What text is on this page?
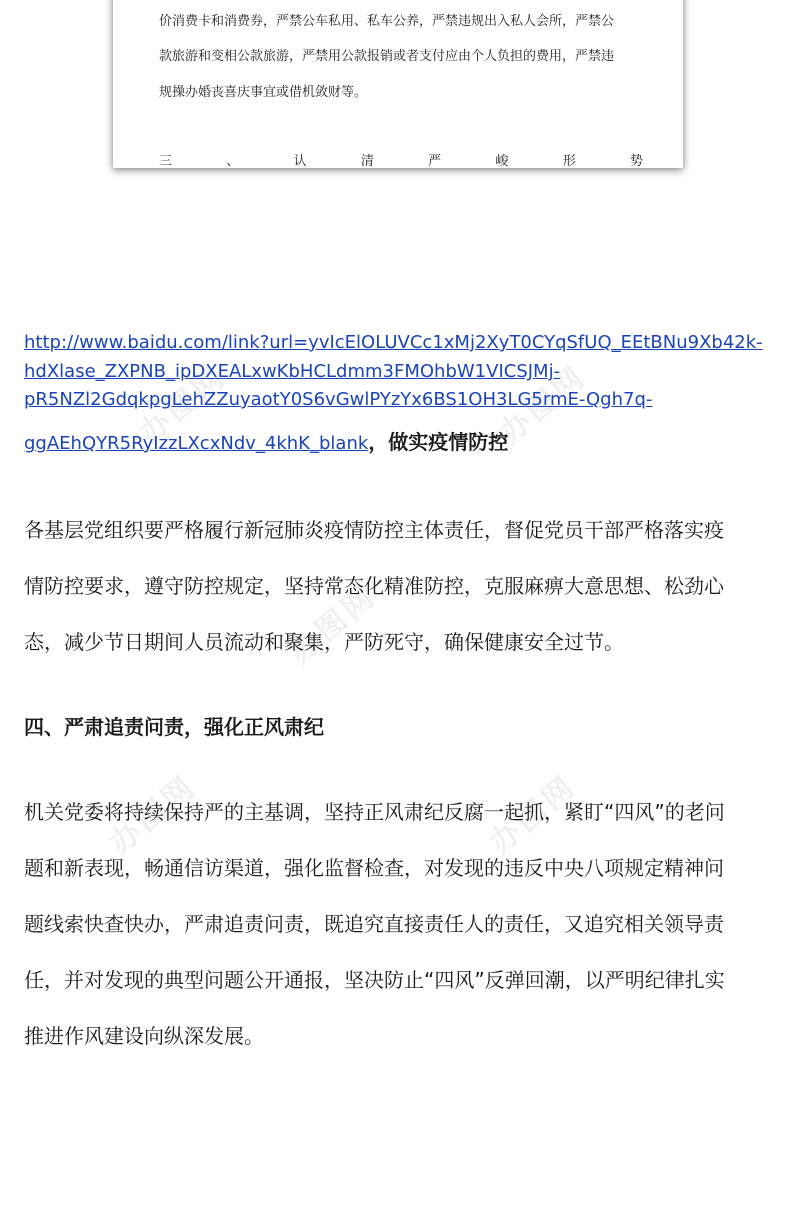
办图网	办图网
办图网
办图网
办图网
价消费卡和消费券，严禁公车私用、私车公养，严禁违规出入私人会所，严禁公
款旅游和变相公款旅游，严禁用公款报销或者支付应由个人负担的费用，严禁违
规操办婚丧喜庆事宜或借机敛财等。
三	、	认	清	严	峻	形	势
http://www.baidu.com/link?url=yvIcElOLUVCc1xMj2XyT0CYqSfUQ_EEtBNu9Xb42k-
hdXlase_ZXPNB_ipDXEALxwKbHCLdmm3FMOhbW1VICSJMj-
pR5NZl2GdqkpgLehZZuyaotY0S6vGwlPYzYx6BS1OH3LG5rmE-Qgh7q-
ggAEhQYR5RyIzzLXcxNdv_4khK_blank，做实疫情防控
各基层党组织要严格履行新冠肺炎疫情防控主体责任，督促党员干部严格落实疫
情防控要求，遵守防控规定，坚持常态化精准防控，克服麻痹大意思想、松劲心
态，减少节日期间人员流动和聚集，严防死守，确保健康安全过节。
四、严肃追责问责，强化正风肃纪
机关党委将持续保持严的主基调，坚持正风肃纪反腐一起抓，紧盯“四风”的老问
题和新表现，畅通信访渠道，强化监督检查，对发现的违反中央八项规定精神问
题线索快查快办，严肃追责问责，既追究直接责任人的责任，又追究相关领导责
任，并对发现的典型问题公开通报，坚决防止“四风”反弹回潮，以严明纪律扎实
推进作风建设向纵深发展。
